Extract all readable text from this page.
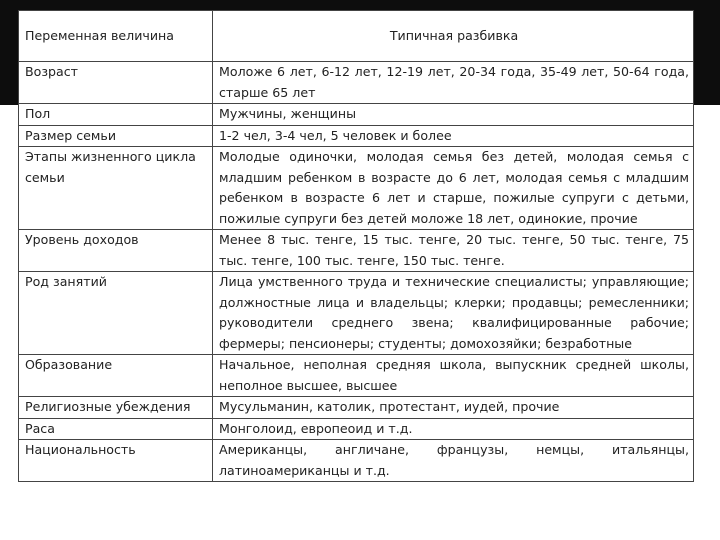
Переменная величина	Типичная разбивка
Возраст	Моложе 6 лет, 6-12 лет, 12-19 лет, 20-34 года, 35-49 лет, 50-64 года, старше 65 лет
Пол	Мужчины, женщины
Размер семьи	1-2 чел, 3-4 чел, 5 человек и более
Этапы жизненного цикла семьи	Молодые одиночки, молодая семья без детей, молодая семья с младшим ребенком в возрасте до 6 лет, молодая семья с младшим ребенком в возрасте 6 лет и старше, пожилые супруги с детьми, пожилые супруги без детей моложе 18 лет, одинокие, прочие
Уровень доходов	Менее 8 тыс. тенге, 15 тыс. тенге, 20 тыс. тенге, 50 тыс. тенге, 75 тыс. тенге, 100 тыс. тенге, 150 тыс. тенге.
Род занятий	Лица умственного труда и технические специалисты; управляющие; должностные лица и владельцы; клерки; продавцы; ремесленники; руководители среднего звена; квалифицированные рабочие; фермеры; пенсионеры; студенты; домохозяйки; безработные
Образование	Начальное, неполная средняя школа, выпускник средней школы, неполное высшее, высшее
Религиозные убеждения	Мусульманин, католик, протестант, иудей, прочие
Раса	Монголоид, европеоид и т.д.
Национальность	Американцы, англичане, французы, немцы, итальянцы, латиноамериканцы и т.д.
